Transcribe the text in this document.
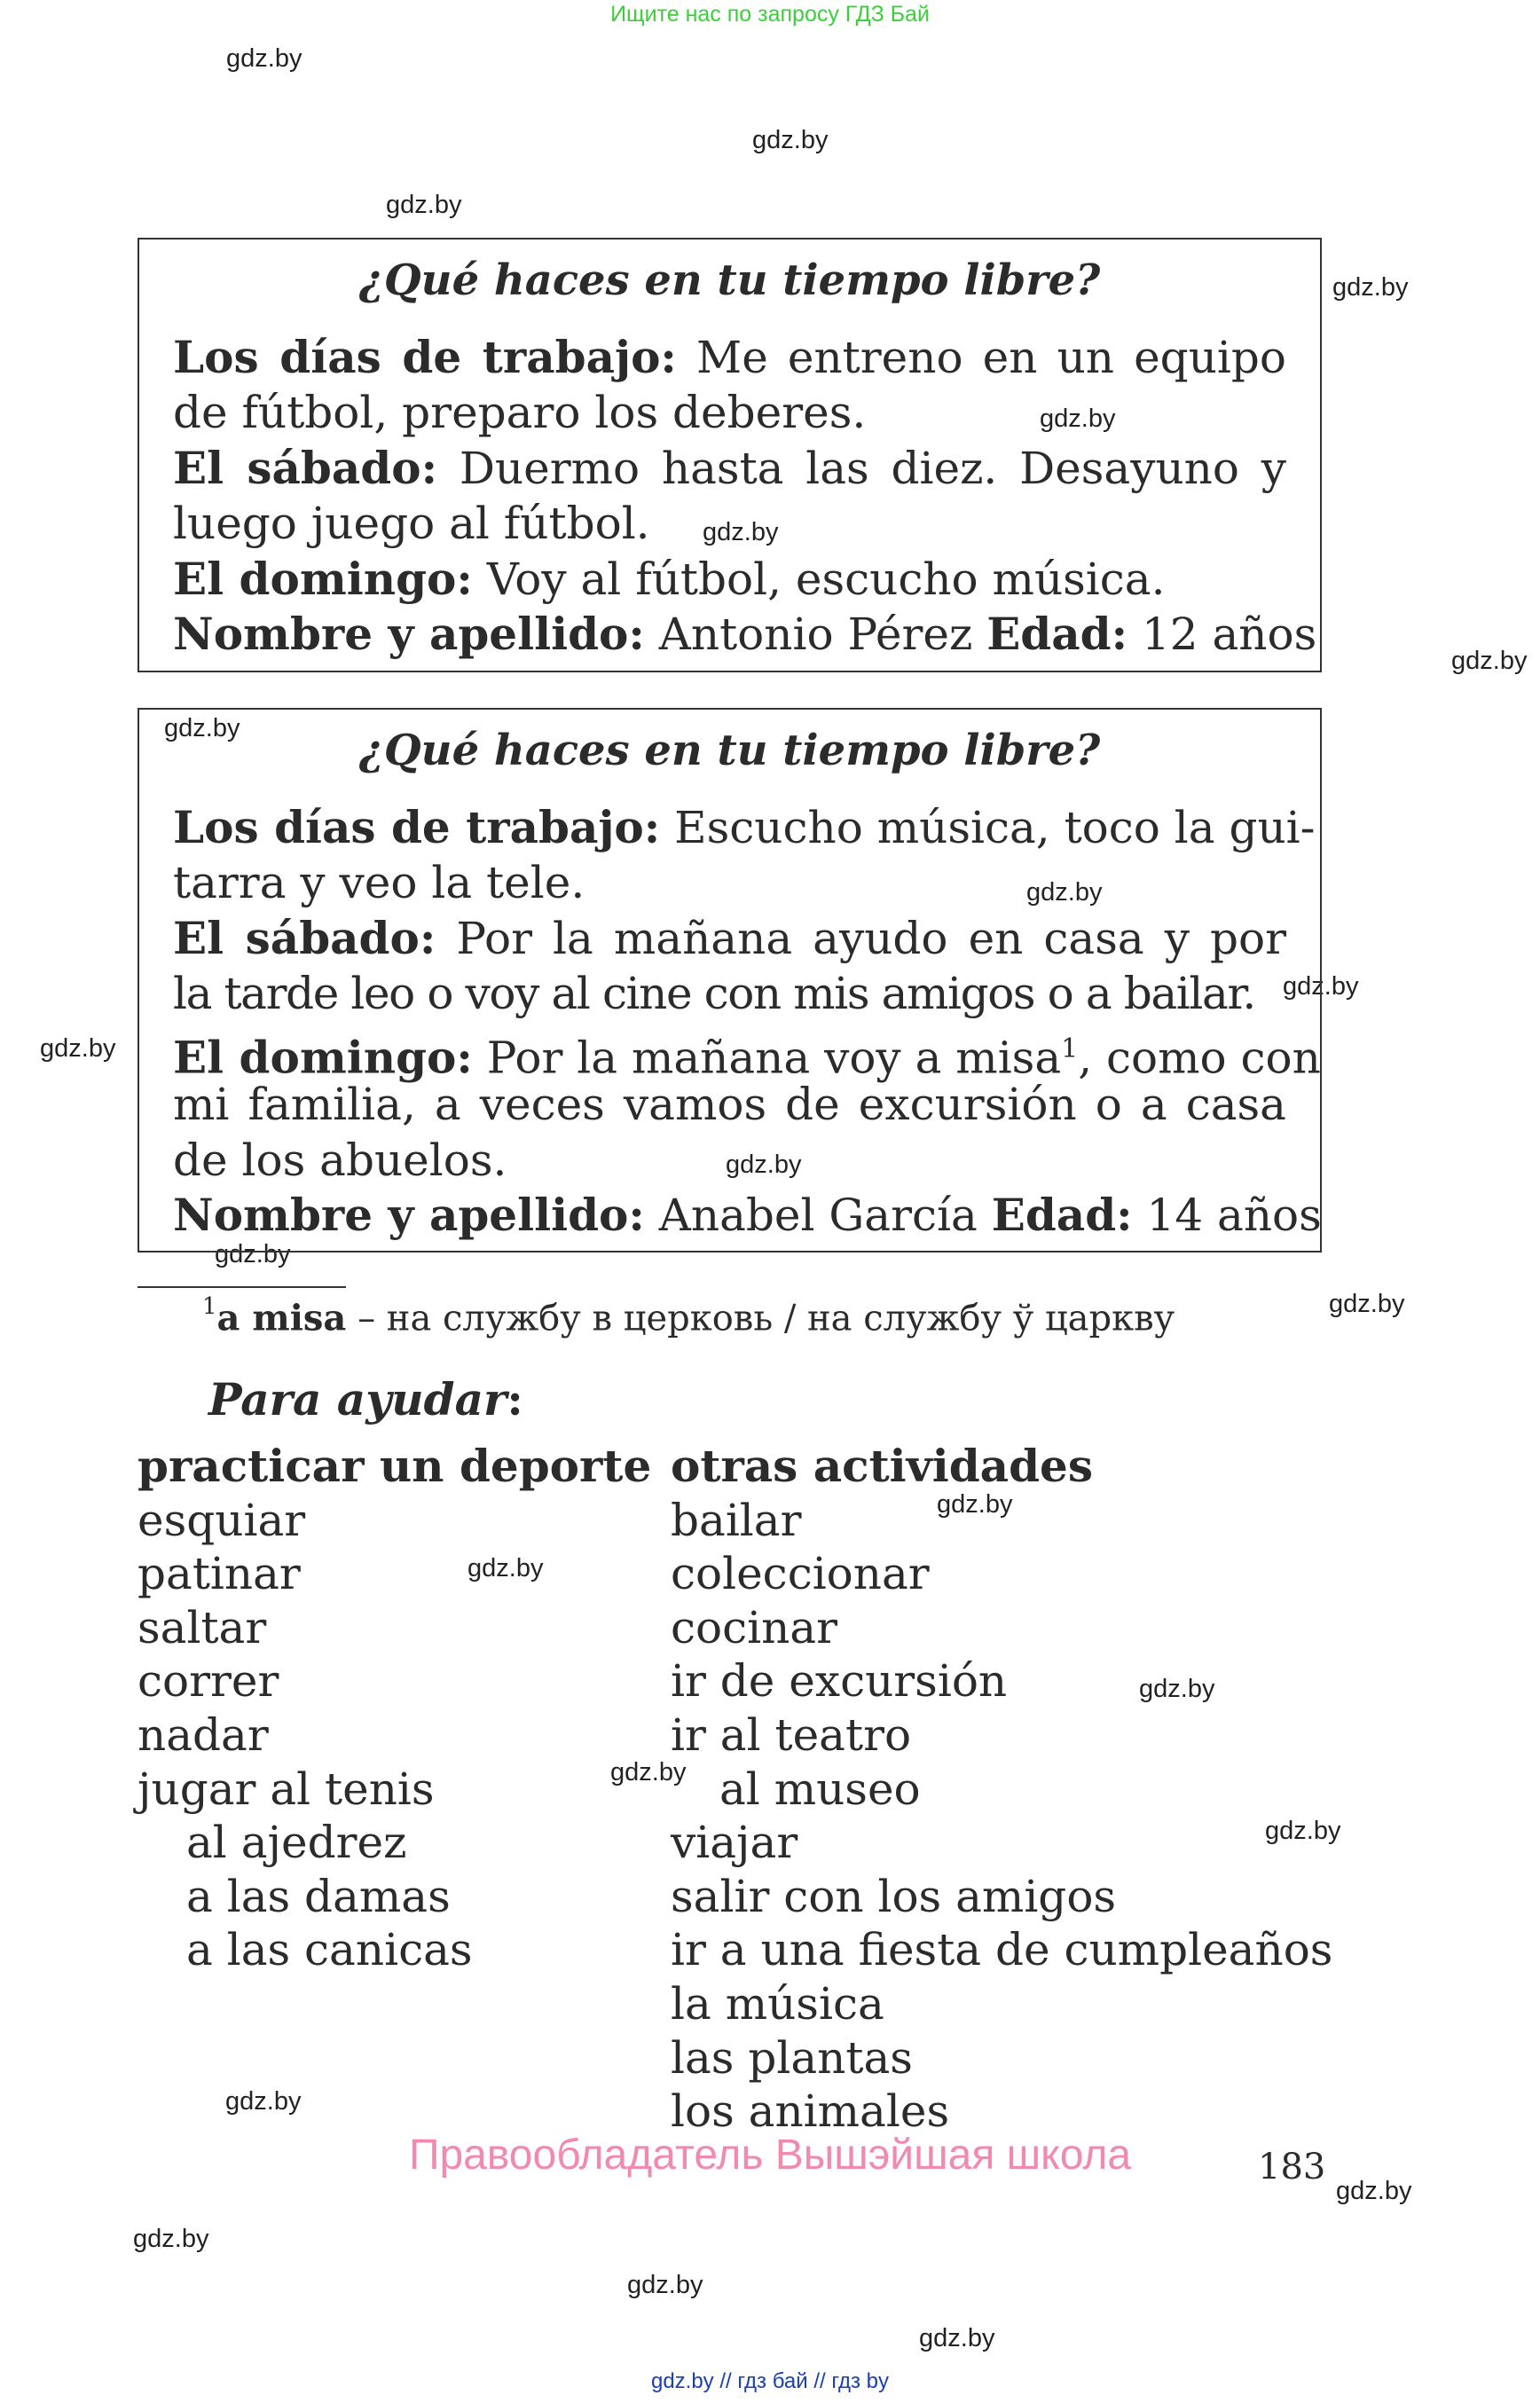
Ищите нас по запросу ГДЗ Бай
gdz.by
gdz.by
gdz.by
gdz.by
gdz.by
gdz.by
gdz.by
gdz.by
gdz.by
gdz.by
gdz.by
gdz.by
gdz.by
gdz.by
gdz.by
gdz.by
gdz.by
gdz.by
gdz.by
gdz.by
gdz.by
gdz.by
gdz.by
gdz.by
¿Qué haces en tu tiempo libre?
Los días de trabajo: Me entreno en un equipo
de fútbol, preparo los deberes.
El sábado: Duermo hasta las diez. Desayuno y
luego juego al fútbol.
El domingo: Voy al fútbol, escucho música.
Nombre y apellido: Antonio Pérez Edad: 12 años
¿Qué haces en tu tiempo libre?
Los días de trabajo: Escucho música, toco la gui-
tarra y veo la tele.
El sábado: Por la mañana ayudo en casa y por
la tarde leo o voy al cine con mis amigos o a bailar.
El domingo: Por la mañana voy a misa$^1$, como con
mi familia, a veces vamos de excursión o a casa
de los abuelos.
Nombre y apellido: Anabel García Edad: 14 años
$^1$a misa – на службу в церковь / на службу ў царкву
Para ayudar:
practicar un deporte
esquiar
patinar
saltar
correr
nadar
jugar al tenis
al ajedrez
a las damas
a las canicas
otras actividades
bailar
coleccionar
cocinar
ir de excursión
ir al teatro
al museo
viajar
salir con los amigos
ir a una fiesta de cumpleaños
la música
las plantas
los animales
Правообладатель Вышэйшая школа	183
gdz.by // гдз бай // гдз by
